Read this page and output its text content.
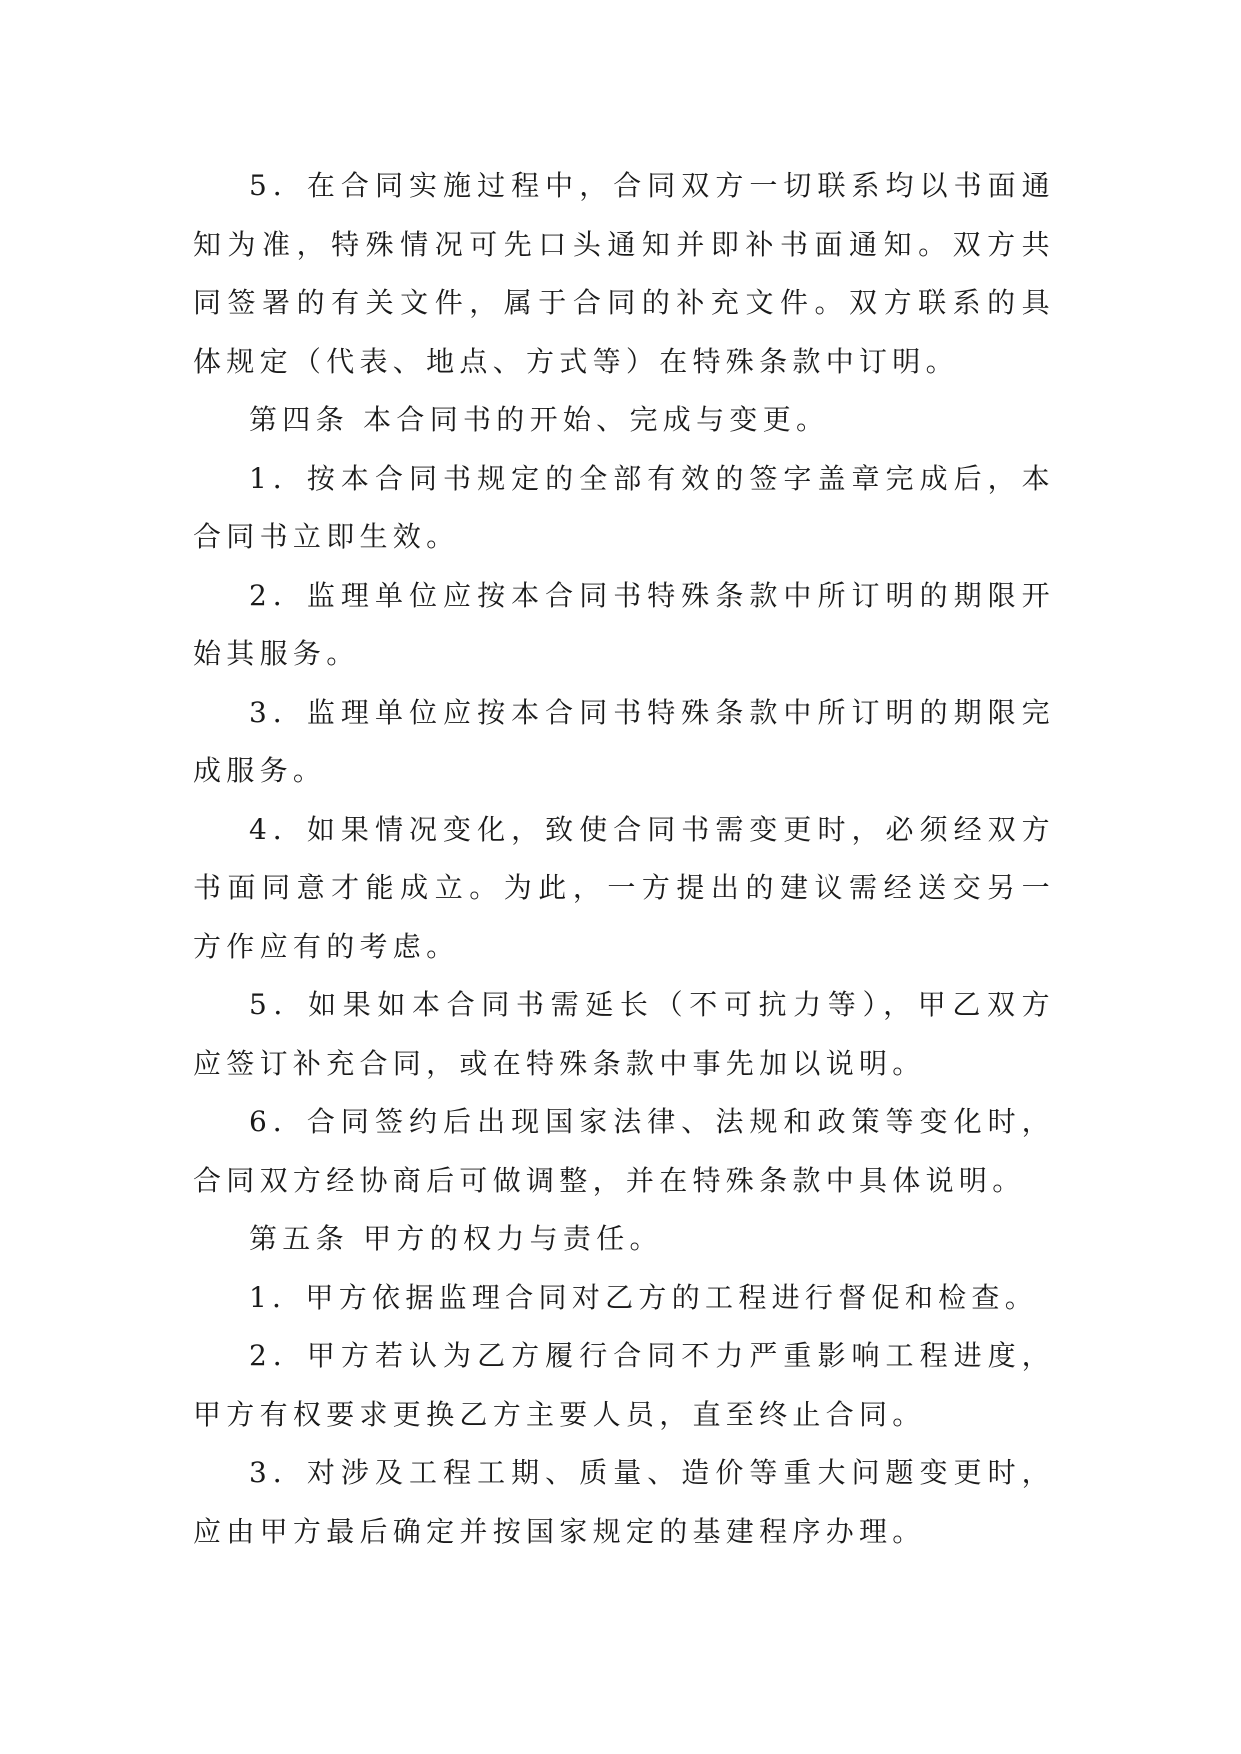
5．在合同实施过程中，合同双方一切联系均以书面通知为准，特殊情况可先口头通知并即补书面通知。双方共同签署的有关文件，属于合同的补充文件。双方联系的具体规定（代表、地点、方式等）在特殊条款中订明。

第四条 本合同书的开始、完成与变更。

1．按本合同书规定的全部有效的签字盖章完成后，本合同书立即生效。

2．监理单位应按本合同书特殊条款中所订明的期限开始其服务。

3．监理单位应按本合同书特殊条款中所订明的期限完成服务。

4．如果情况变化，致使合同书需变更时，必须经双方书面同意才能成立。为此，一方提出的建议需经送交另一方作应有的考虑。

5．如果如本合同书需延长（不可抗力等），甲乙双方应签订补充合同，或在特殊条款中事先加以说明。

6．合同签约后出现国家法律、法规和政策等变化时，合同双方经协商后可做调整，并在特殊条款中具体说明。

第五条 甲方的权力与责任。

1．甲方依据监理合同对乙方的工程进行督促和检查。

2．甲方若认为乙方履行合同不力严重影响工程进度，甲方有权要求更换乙方主要人员，直至终止合同。

3．对涉及工程工期、质量、造价等重大问题变更时，应由甲方最后确定并按国家规定的基建程序办理。
